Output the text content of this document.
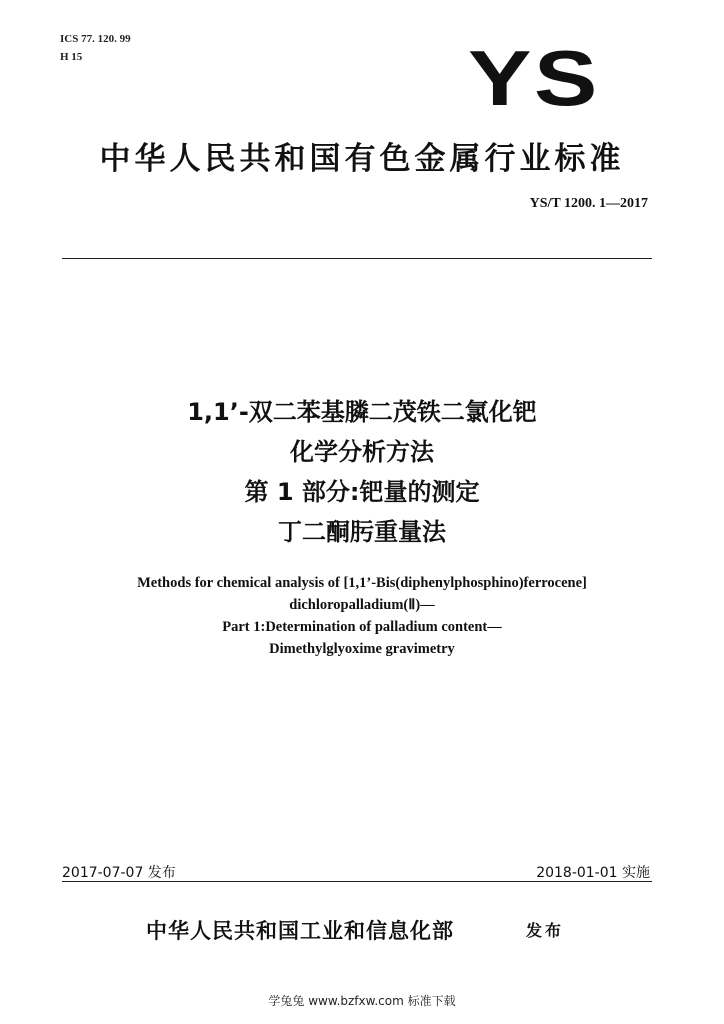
ICS 77. 120. 99
H 15	YS
中华人民共和国有色金属行业标准
YS/T 1200. 1—2017
1,1’-双二苯基膦二茂铁二氯化钯
化学分析方法
第 1 部分:钯量的测定
丁二酮肟重量法
Methods for chemical analysis of [1,1’-Bis(diphenylphosphino)ferrocene]
dichloropalladium(Ⅱ)—
Part 1:Determination of palladium content—
Dimethylglyoxime gravimetry
2017-07-07 发布	2018-01-01 实施
中华人民共和国工业和信息化部	发布
学兔兔 www.bzfxw.com 标准下载
